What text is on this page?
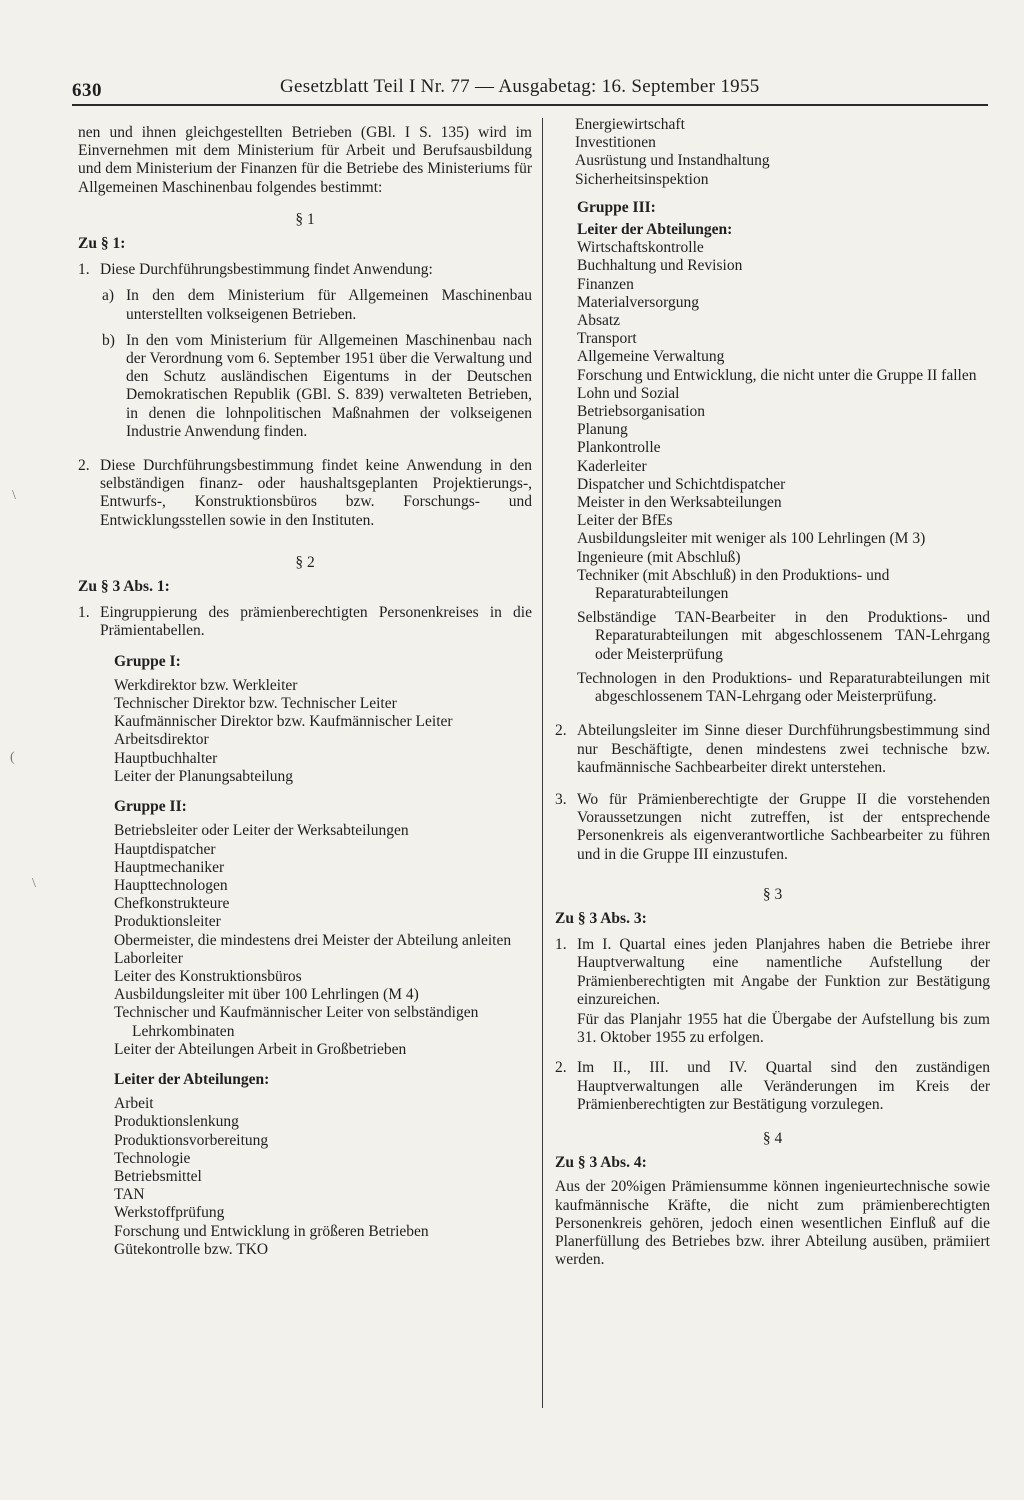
630	Gesetzblatt Teil I Nr. 77 — Ausgabetag: 16. September 1955

nen und ihnen gleichgestellten Betrieben (GBl. I S. 135) wird im Einvernehmen mit dem Ministerium für Arbeit und Berufsausbildung und dem Ministerium der Finanzen für die Betriebe des Ministeriums für Allgemeinen Maschinenbau folgendes bestimmt:

§ 1
Zu § 1:
1. Diese Durchführungsbestimmung findet Anwendung:
a) In den dem Ministerium für Allgemeinen Maschinenbau unterstellten volkseigenen Betrieben.
b) In den vom Ministerium für Allgemeinen Maschinenbau nach der Verordnung vom 6. September 1951 über die Verwaltung und den Schutz ausländischen Eigentums in der Deutschen Demokratischen Republik (GBl. S. 839) verwalteten Betrieben, in denen die lohnpolitischen Maßnahmen der volkseigenen Industrie Anwendung finden.
2. Diese Durchführungsbestimmung findet keine Anwendung in den selbständigen finanz- oder haushaltsgeplanten Projektierungs-, Entwurfs-, Konstruktionsbüros bzw. Forschungs- und Entwicklungsstellen sowie in den Instituten.
§ 2
Zu § 3 Abs. 1:
1. Eingruppierung des prämienberechtigten Personenkreises in die Prämientabellen.
Gruppe I:
Werkdirektor bzw. Werkleiter
Technischer Direktor bzw. Technischer Leiter
Kaufmännischer Direktor bzw. Kaufmännischer Leiter
Arbeitsdirektor
Hauptbuchhalter
Leiter der Planungsabteilung
Gruppe II:
Betriebsleiter oder Leiter der Werksabteilungen
Hauptdispatcher
Hauptmechaniker
Haupttechnologen
Chefkonstrukteure
Produktionsleiter
Obermeister, die mindestens drei Meister der Abteilung anleiten
Laborleiter
Leiter des Konstruktionsbüros
Ausbildungsleiter mit über 100 Lehrlingen (M 4)
Technischer und Kaufmännischer Leiter von selbständigen Lehrkombinaten
Leiter der Abteilungen Arbeit in Großbetrieben
Leiter der Abteilungen:
Arbeit
Produktionslenkung
Produktionsvorbereitung
Technologie
Betriebsmittel
TAN
Werkstoffprüfung
Forschung und Entwicklung in größeren Betrieben
Gütekontrolle bzw. TKO
Energiewirtschaft
Investitionen
Ausrüstung und Instandhaltung
Sicherheitsinspektion
Gruppe III:
Leiter der Abteilungen:
Wirtschaftskontrolle
Buchhaltung und Revision
Finanzen
Materialversorgung
Absatz
Transport
Allgemeine Verwaltung
Forschung und Entwicklung, die nicht unter die Gruppe II fallen
Lohn und Sozial
Betriebsorganisation
Planung
Plankontrolle
Kaderleiter
Dispatcher und Schichtdispatcher
Meister in den Werksabteilungen
Leiter der BfEs
Ausbildungsleiter mit weniger als 100 Lehrlingen (M 3)
Ingenieure (mit Abschluß)
Techniker (mit Abschluß) in den Produktions- und Reparaturabteilungen

Selbständige TAN-Bearbeiter in den Produktions- und Reparaturabteilungen mit abgeschlossenem TAN-Lehrgang oder Meisterprüfung

Technologen in den Produktions- und Reparaturabteilungen mit abgeschlossenem TAN-Lehrgang oder Meisterprüfung.

2. Abteilungsleiter im Sinne dieser Durchführungsbestimmung sind nur Beschäftigte, denen mindestens zwei technische bzw. kaufmännische Sachbearbeiter direkt unterstehen.
3. Wo für Prämienberechtigte der Gruppe II die vorstehenden Voraussetzungen nicht zutreffen, ist der entsprechende Personenkreis als eigenverantwortliche Sachbearbeiter zu führen und in die Gruppe III einzustufen.
§ 3
Zu § 3 Abs. 3:
1. Im I. Quartal eines jeden Planjahres haben die Betriebe ihrer Hauptverwaltung eine namentliche Aufstellung der Prämienberechtigten mit Angabe der Funktion zur Bestätigung einzureichen.
Für das Planjahr 1955 hat die Übergabe der Aufstellung bis zum 31. Oktober 1955 zu erfolgen.
2. Im II., III. und IV. Quartal sind den zuständigen Hauptverwaltungen alle Veränderungen im Kreis der Prämienberechtigten zur Bestätigung vorzulegen.
§ 4
Zu § 3 Abs. 4:

Aus der 20%igen Prämiensumme können ingenieurtechnische sowie kaufmännische Kräfte, die nicht zum prämienberechtigten Personenkreis gehören, jedoch einen wesentlichen Einfluß auf die Planerfüllung des Betriebes bzw. ihrer Abteilung ausüben, prämiiert werden.

(
\
\
